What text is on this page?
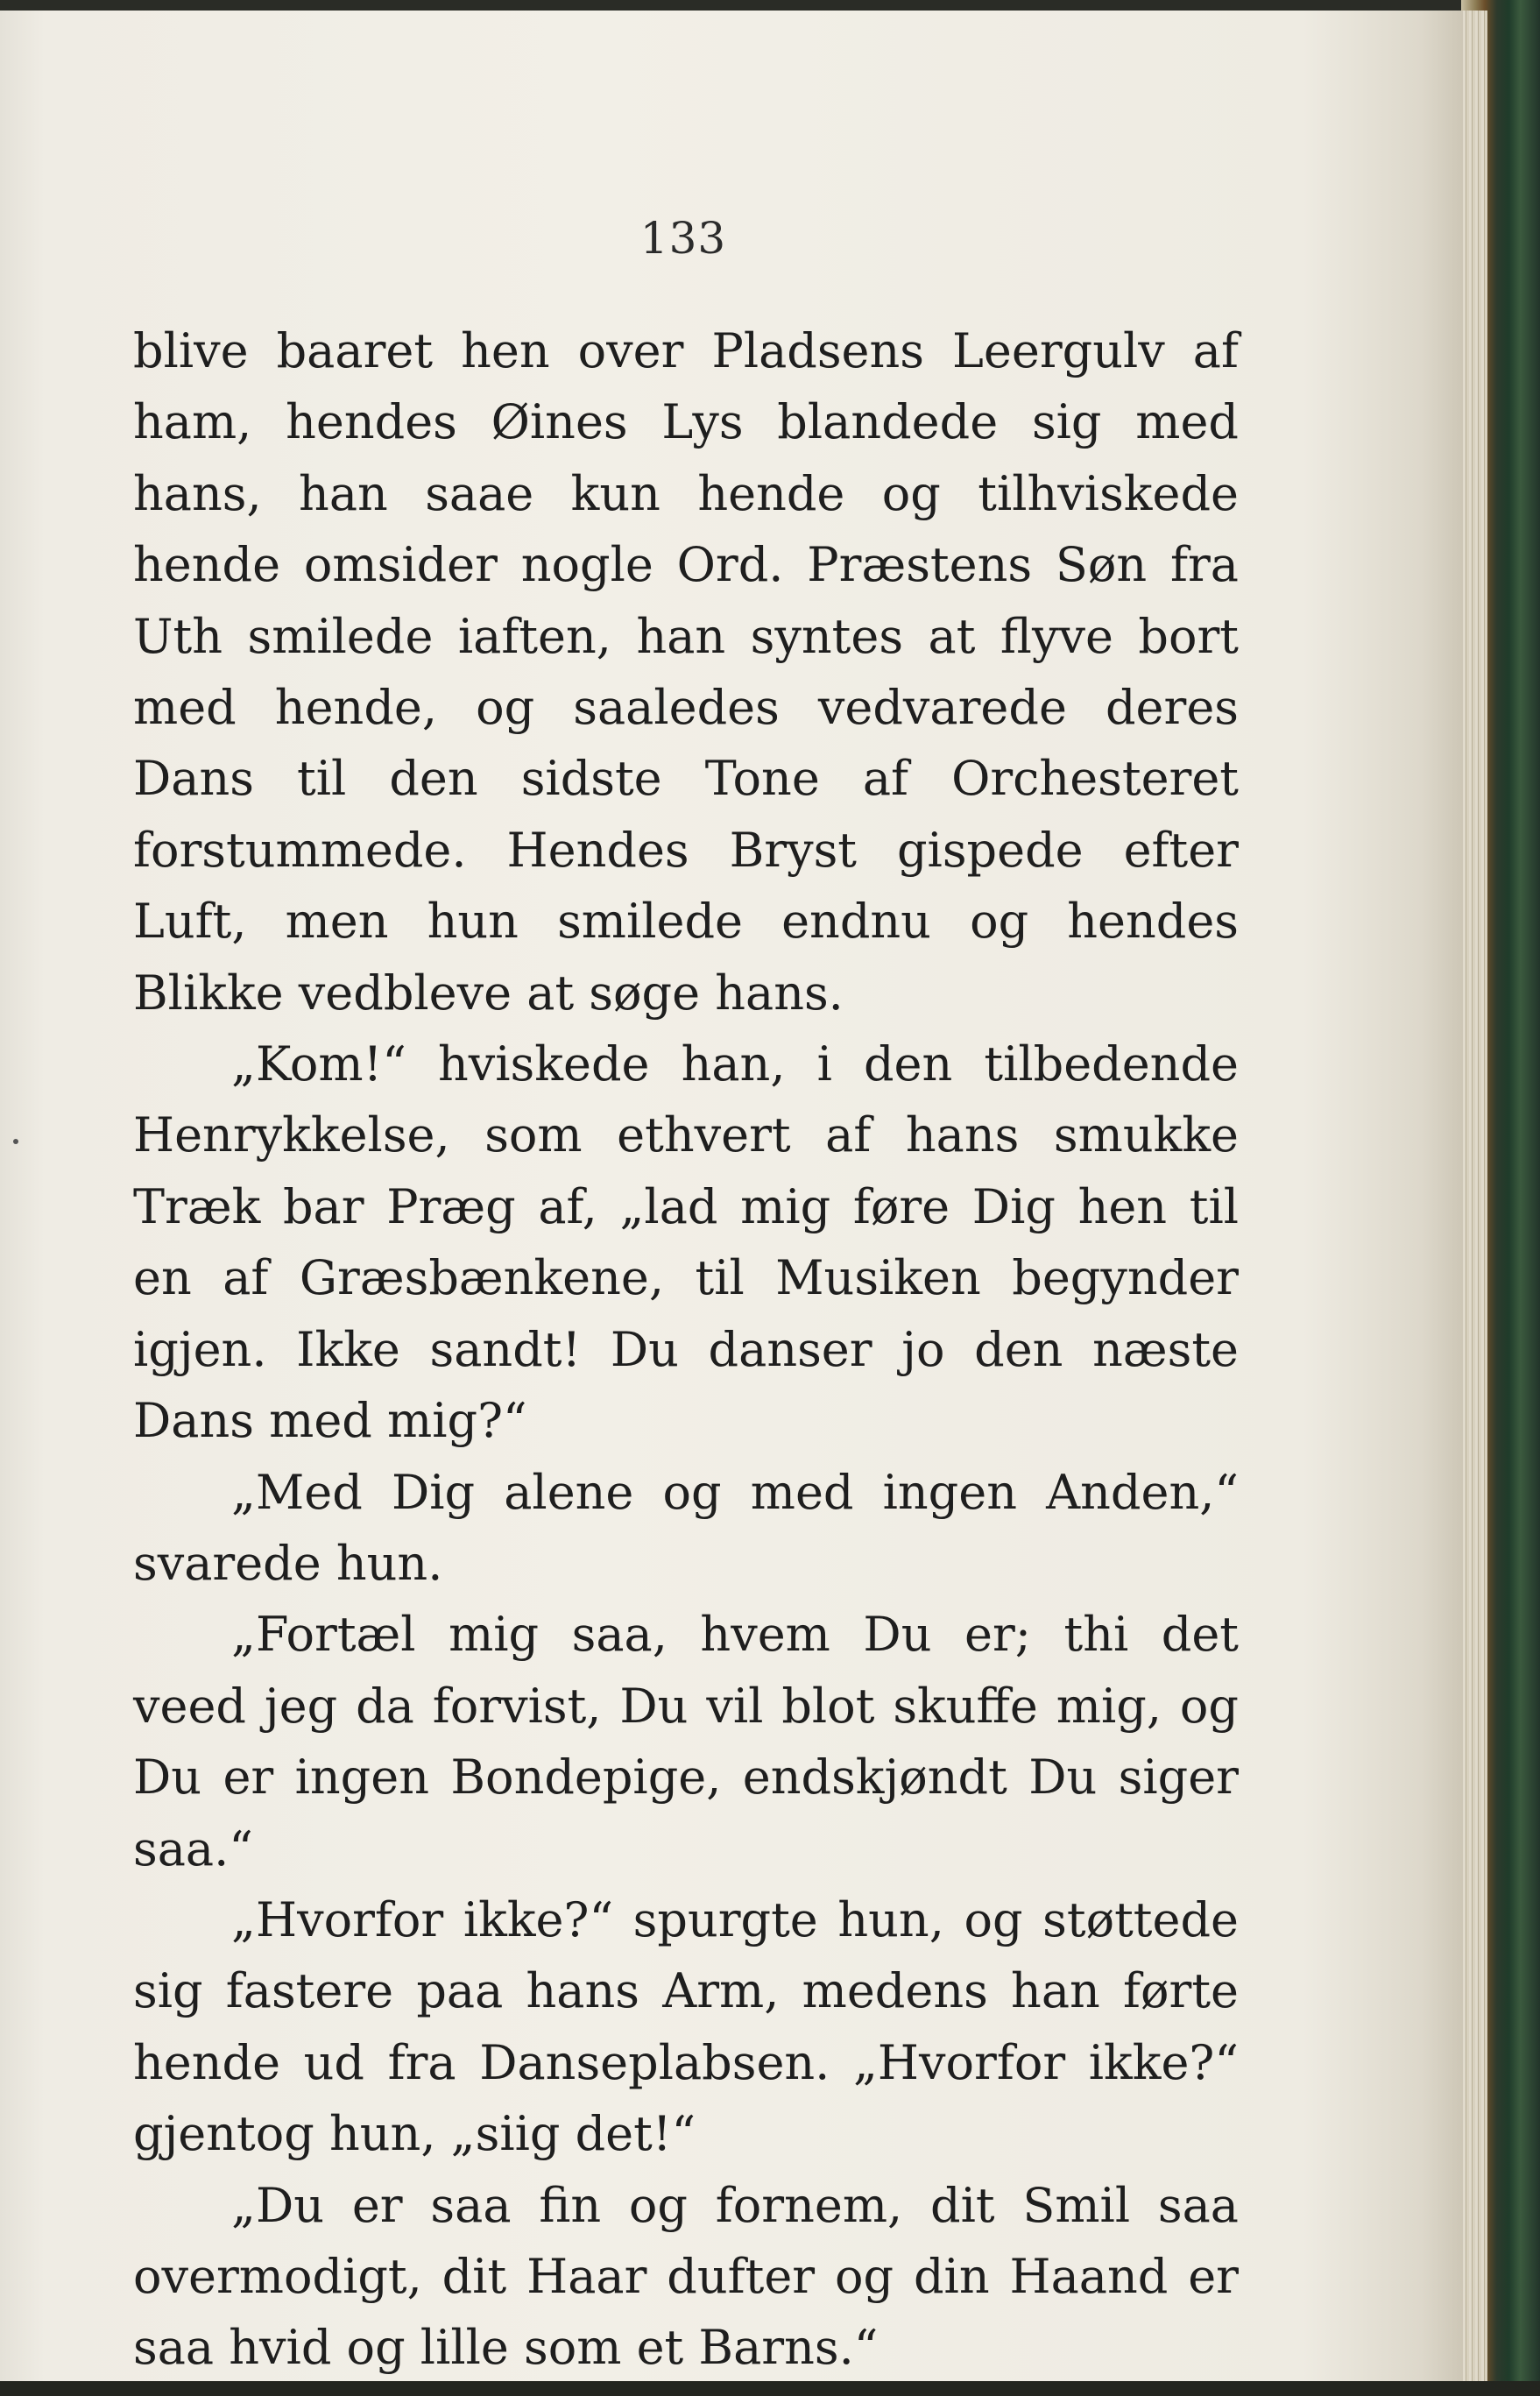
133

blive baaret hen over Pladsens Leergulv af ham, hendes Øines Lys blandede sig med hans, han saae kun hende og tilhviskede hende omsider nogle Ord. Præstens Søn fra Uth smilede iaften, han syntes at flyve bort med hende, og saaledes vedvarede deres Dans til den sidste Tone af Orchesteret forstummede. Hendes Bryst gispede efter Luft, men hun smilede endnu og hendes Blikke vedbleve at søge hans.

„Kom!“ hviskede han, i den tilbedende Henrykkelse, som ethvert af hans smukke Træk bar Præg af, „lad mig føre Dig hen til en af Græsbænkene, til Musiken begynder igjen. Ikke sandt! Du danser jo den næste Dans med mig?“

„Med Dig alene og med ingen Anden,“ svarede hun.

„Fortæl mig saa, hvem Du er; thi det veed jeg da forvist, Du vil blot skuffe mig, og Du er ingen Bondepige, endskjøndt Du siger saa.“

„Hvorfor ikke?“ spurgte hun, og støttede sig fastere paa hans Arm, medens han førte hende ud fra Danseplabsen. „Hvorfor ikke?“ gjentog hun, „siig det!“

„Du er saa fin og fornem, dit Smil saa overmodigt, dit Haar dufter og din Haand er saa hvid og lille som et Barns.“
